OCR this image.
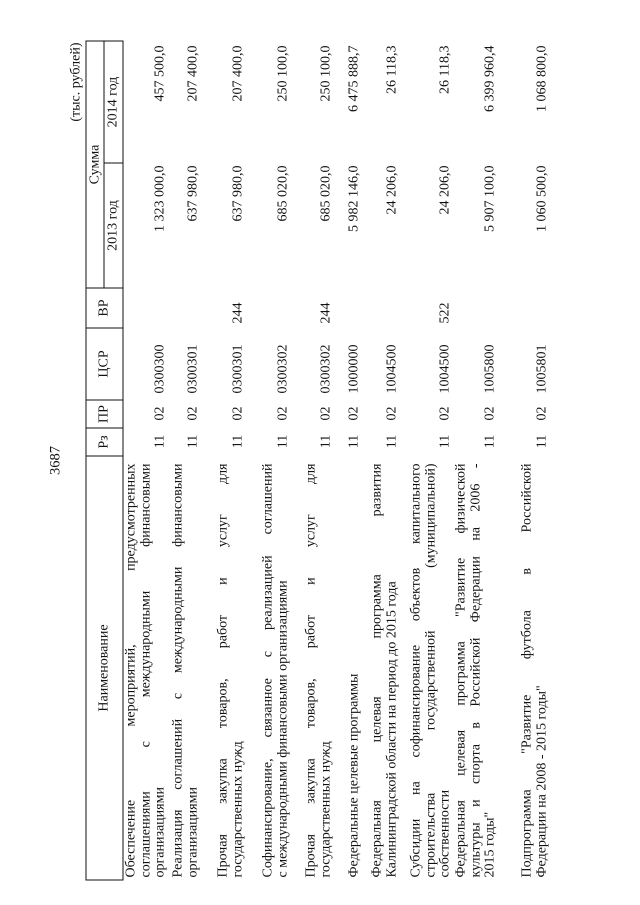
3687
(тыс. рублей)
Наименование
Рз
ПР
ЦСР
ВР
Сумма
2013 год
2014 год
Обеспечение мероприятий, предусмотренных соглашениями с международными финансовыми организациями
11
02
0300300
1 323 000,0
457 500,0
Реализация соглашений с международными финансовыми организациями
11
02
0300301
637 980,0
207 400,0
Прочая закупка товаров, работ и услуг для государственных нужд
11
02
0300301
244
637 980,0
207 400,0
Софинансирование, связанное с реализацией соглашений с международными финансовыми организациями
11
02
0300302
685 020,0
250 100,0
Прочая закупка товаров, работ и услуг для государственных нужд
11
02
0300302
244
685 020,0
250 100,0
Федеральные целевые программы
11
02
1000000
5 982 146,0
6 475 888,7
Федеральная целевая программа развития Калининградской области на период до 2015 года
11
02
1004500
24 206,0
26 118,3
Субсидии на софинансирование объектов капитального строительства государственной (муниципальной) собственности
11
02
1004500
522
24 206,0
26 118,3
Федеральная целевая программа "Развитие физической культуры и спорта в Российской Федерации на 2006 - 2015 годы"
11
02
1005800
5 907 100,0
6 399 960,4
Подпрограмма "Развитие футбола в Российской Федерации на 2008 - 2015 годы"
11
02
1005801
1 060 500,0
1 068 800,0
